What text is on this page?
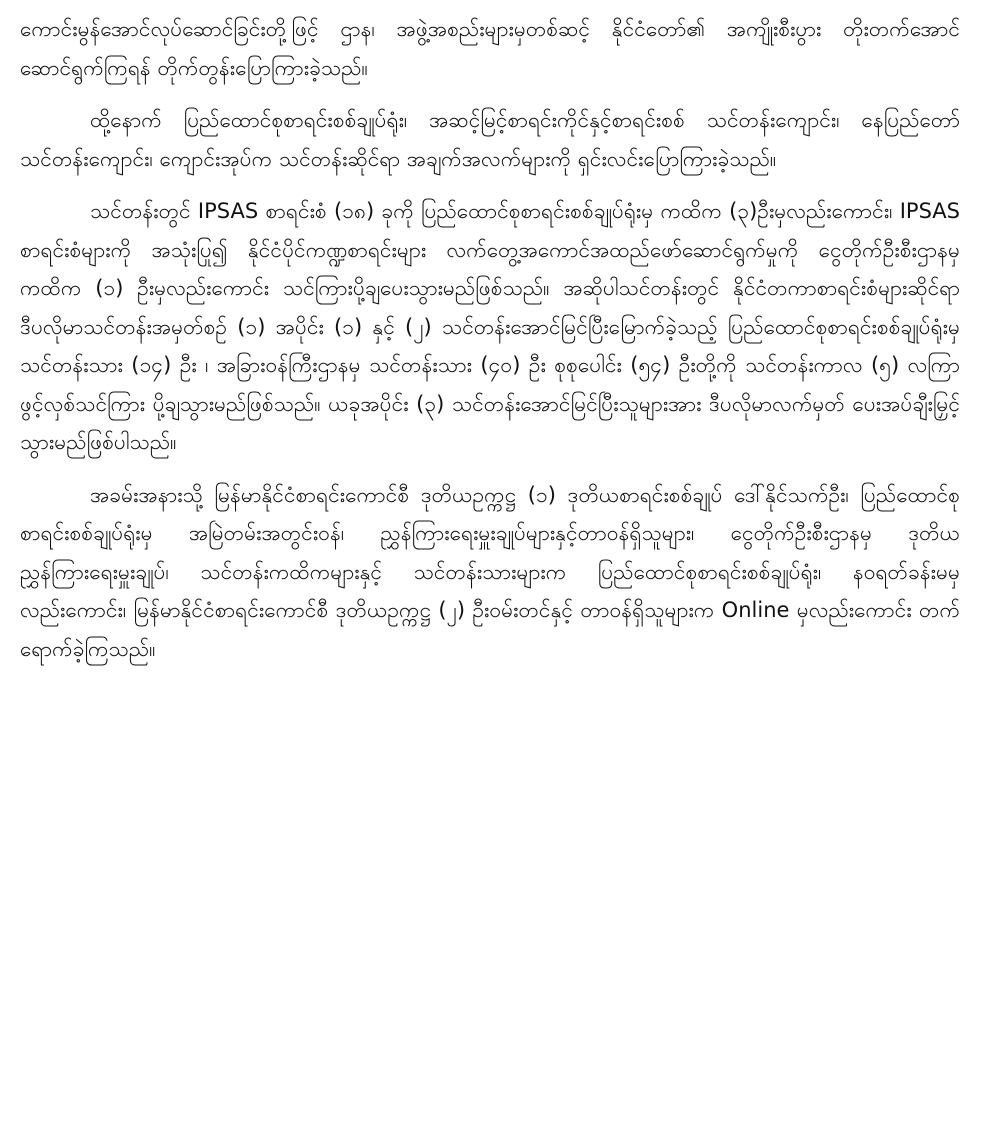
ကောင်းမွန်အောင်လုပ်ဆောင်ခြင်းတို့ဖြင့် ဌာန၊ အဖွဲ့အစည်းများမှတစ်ဆင့် နိုင်ငံတော်၏ အကျိုးစီးပွား တိုးတက်အောင် ဆောင်ရွက်ကြရန် တိုက်တွန်းပြောကြားခဲ့သည်။

ထို့နောက် ပြည်ထောင်စုစာရင်းစစ်ချုပ်ရုံး၊ အဆင့်မြင့်စာရင်းကိုင်နှင့်စာရင်းစစ် သင်တန်းကျောင်း၊ နေပြည်တော်သင်တန်းကျောင်း၊ ကျောင်းအုပ်က သင်တန်းဆိုင်ရာ အချက်အလက်များကို ရှင်းလင်းပြောကြားခဲ့သည်။

သင်တန်းတွင် IPSAS စာရင်းစံ (၁၈) ခုကို ပြည်ထောင်စုစာရင်းစစ်ချုပ်ရုံးမှ ကထိက (၃)ဦးမှလည်းကောင်း၊ IPSAS စာရင်းစံများကို အသုံးပြု၍ နိုင်ငံပိုင်ကဏ္ဍစာရင်းများ လက်တွေ့အကောင်အထည်ဖော်ဆောင်ရွက်မှုကို ငွေတိုက်ဦးစီးဌာနမှ ကထိက (၁) ဦးမှလည်းကောင်း သင်ကြားပို့ချပေးသွားမည်ဖြစ်သည်။ အဆိုပါသင်တန်းတွင် နိုင်ငံတကာစာရင်းစံများဆိုင်ရာ ဒီပလိုမာသင်တန်းအမှတ်စဉ် (၁) အပိုင်း (၁) နှင့် (၂) သင်တန်းအောင်မြင်ပြီးမြောက်ခဲ့သည့် ပြည်ထောင်စုစာရင်းစစ်ချုပ်ရုံးမှ သင်တန်းသား (၁၄) ဦး ၊ အခြားဝန်ကြီးဌာနမှ သင်တန်းသား (၄၀) ဦး စုစုပေါင်း (၅၄) ဦးတို့ကို သင်တန်းကာလ (၅) လကြာ ဖွင့်လှစ်သင်ကြား ပို့ချသွားမည်ဖြစ်သည်။ ယခုအပိုင်း (၃) သင်တန်းအောင်မြင်ပြီးသူများအား ဒီပလိုမာလက်မှတ် ပေးအပ်ချီးမြှင့်သွားမည်ဖြစ်ပါသည်။

အခမ်းအနားသို့ မြန်မာနိုင်ငံစာရင်းကောင်စီ ဒုတိယဥက္ကဋ္ဌ (၁) ဒုတိယစာရင်းစစ်ချုပ် ဒေါ်နိုင်သက်ဦး၊ ပြည်ထောင်စုစာရင်းစစ်ချုပ်ရုံးမှ အမြဲတမ်းအတွင်းဝန်၊ ညွှန်ကြားရေးမှူးချုပ်များနှင့်တာဝန်ရှိသူများ၊ ငွေတိုက်ဦးစီးဌာနမှ ဒုတိယညွှန်ကြားရေးမှူးချုပ်၊ သင်တန်းကထိကများနှင့် သင်တန်းသားများက ပြည်ထောင်စုစာရင်းစစ်ချုပ်ရုံး၊ နဝရတ်ခန်းမမှလည်းကောင်း၊ မြန်မာနိုင်ငံစာရင်းကောင်စီ ဒုတိယဥက္ကဋ္ဌ (၂) ဦးဝမ်းတင်နှင့် တာဝန်ရှိသူများက Online မှလည်းကောင်း တက်ရောက်ခဲ့ကြသည်။
